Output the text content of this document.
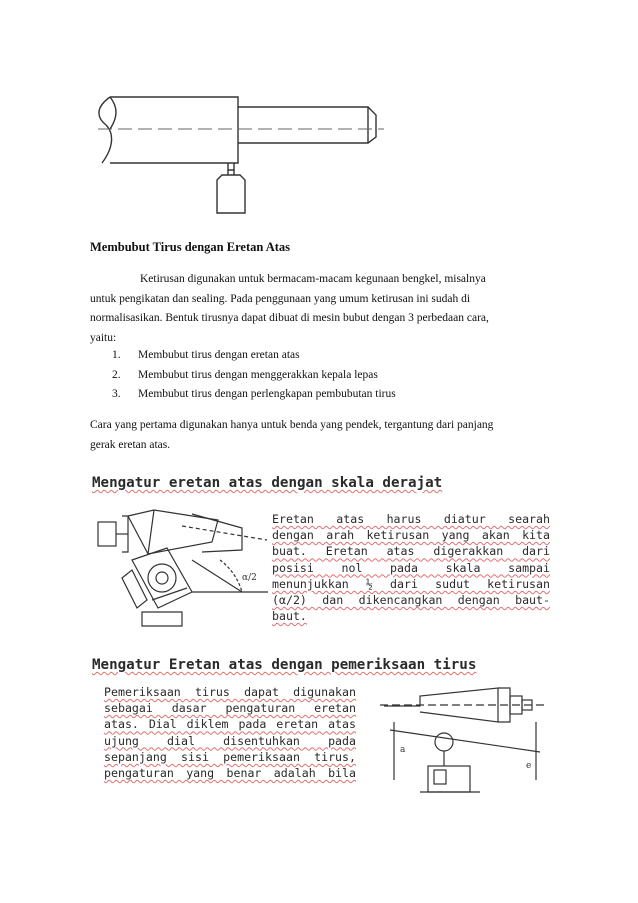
Membubut Tirus dengan Eretan Atas
Ketirusan digunakan untuk bermacam-macam kegunaan bengkel, misalnya
untuk pengikatan dan sealing. Pada penggunaan yang umum ketirusan ini sudah di
normalisasikan. Bentuk tirusnya dapat dibuat di mesin bubut dengan 3 perbedaan cara,
yaitu:
1. Membubut tirus dengan eretan atas
2. Membubut tirus dengan menggerakkan kepala lepas
3. Membubut tirus dengan perlengkapan pembubutan tirus
Cara yang pertama digunakan hanya untuk benda yang pendek, tergantung dari panjang
gerak eretan atas.
Mengatur eretan atas dengan skala derajat
α/2
Eretan atas harus diatur searah
dengan arah ketirusan yang akan kita
buat. Eretan atas digerakkan dari
posisi nol pada skala sampai
menunjukkan ½ dari sudut ketirusan
(α/2) dan dikencangkan dengan baut-
baut.
Mengatur Eretan atas dengan pemeriksaan tirus
Pemeriksaan tirus dapat digunakan
sebagai dasar pengaturan eretan
atas. Dial diklem pada eretan atas
ujung dial disentuhkan pada
sepanjang sisi pemeriksaan tirus,
pengaturan yang benar adalah bila
a
e
